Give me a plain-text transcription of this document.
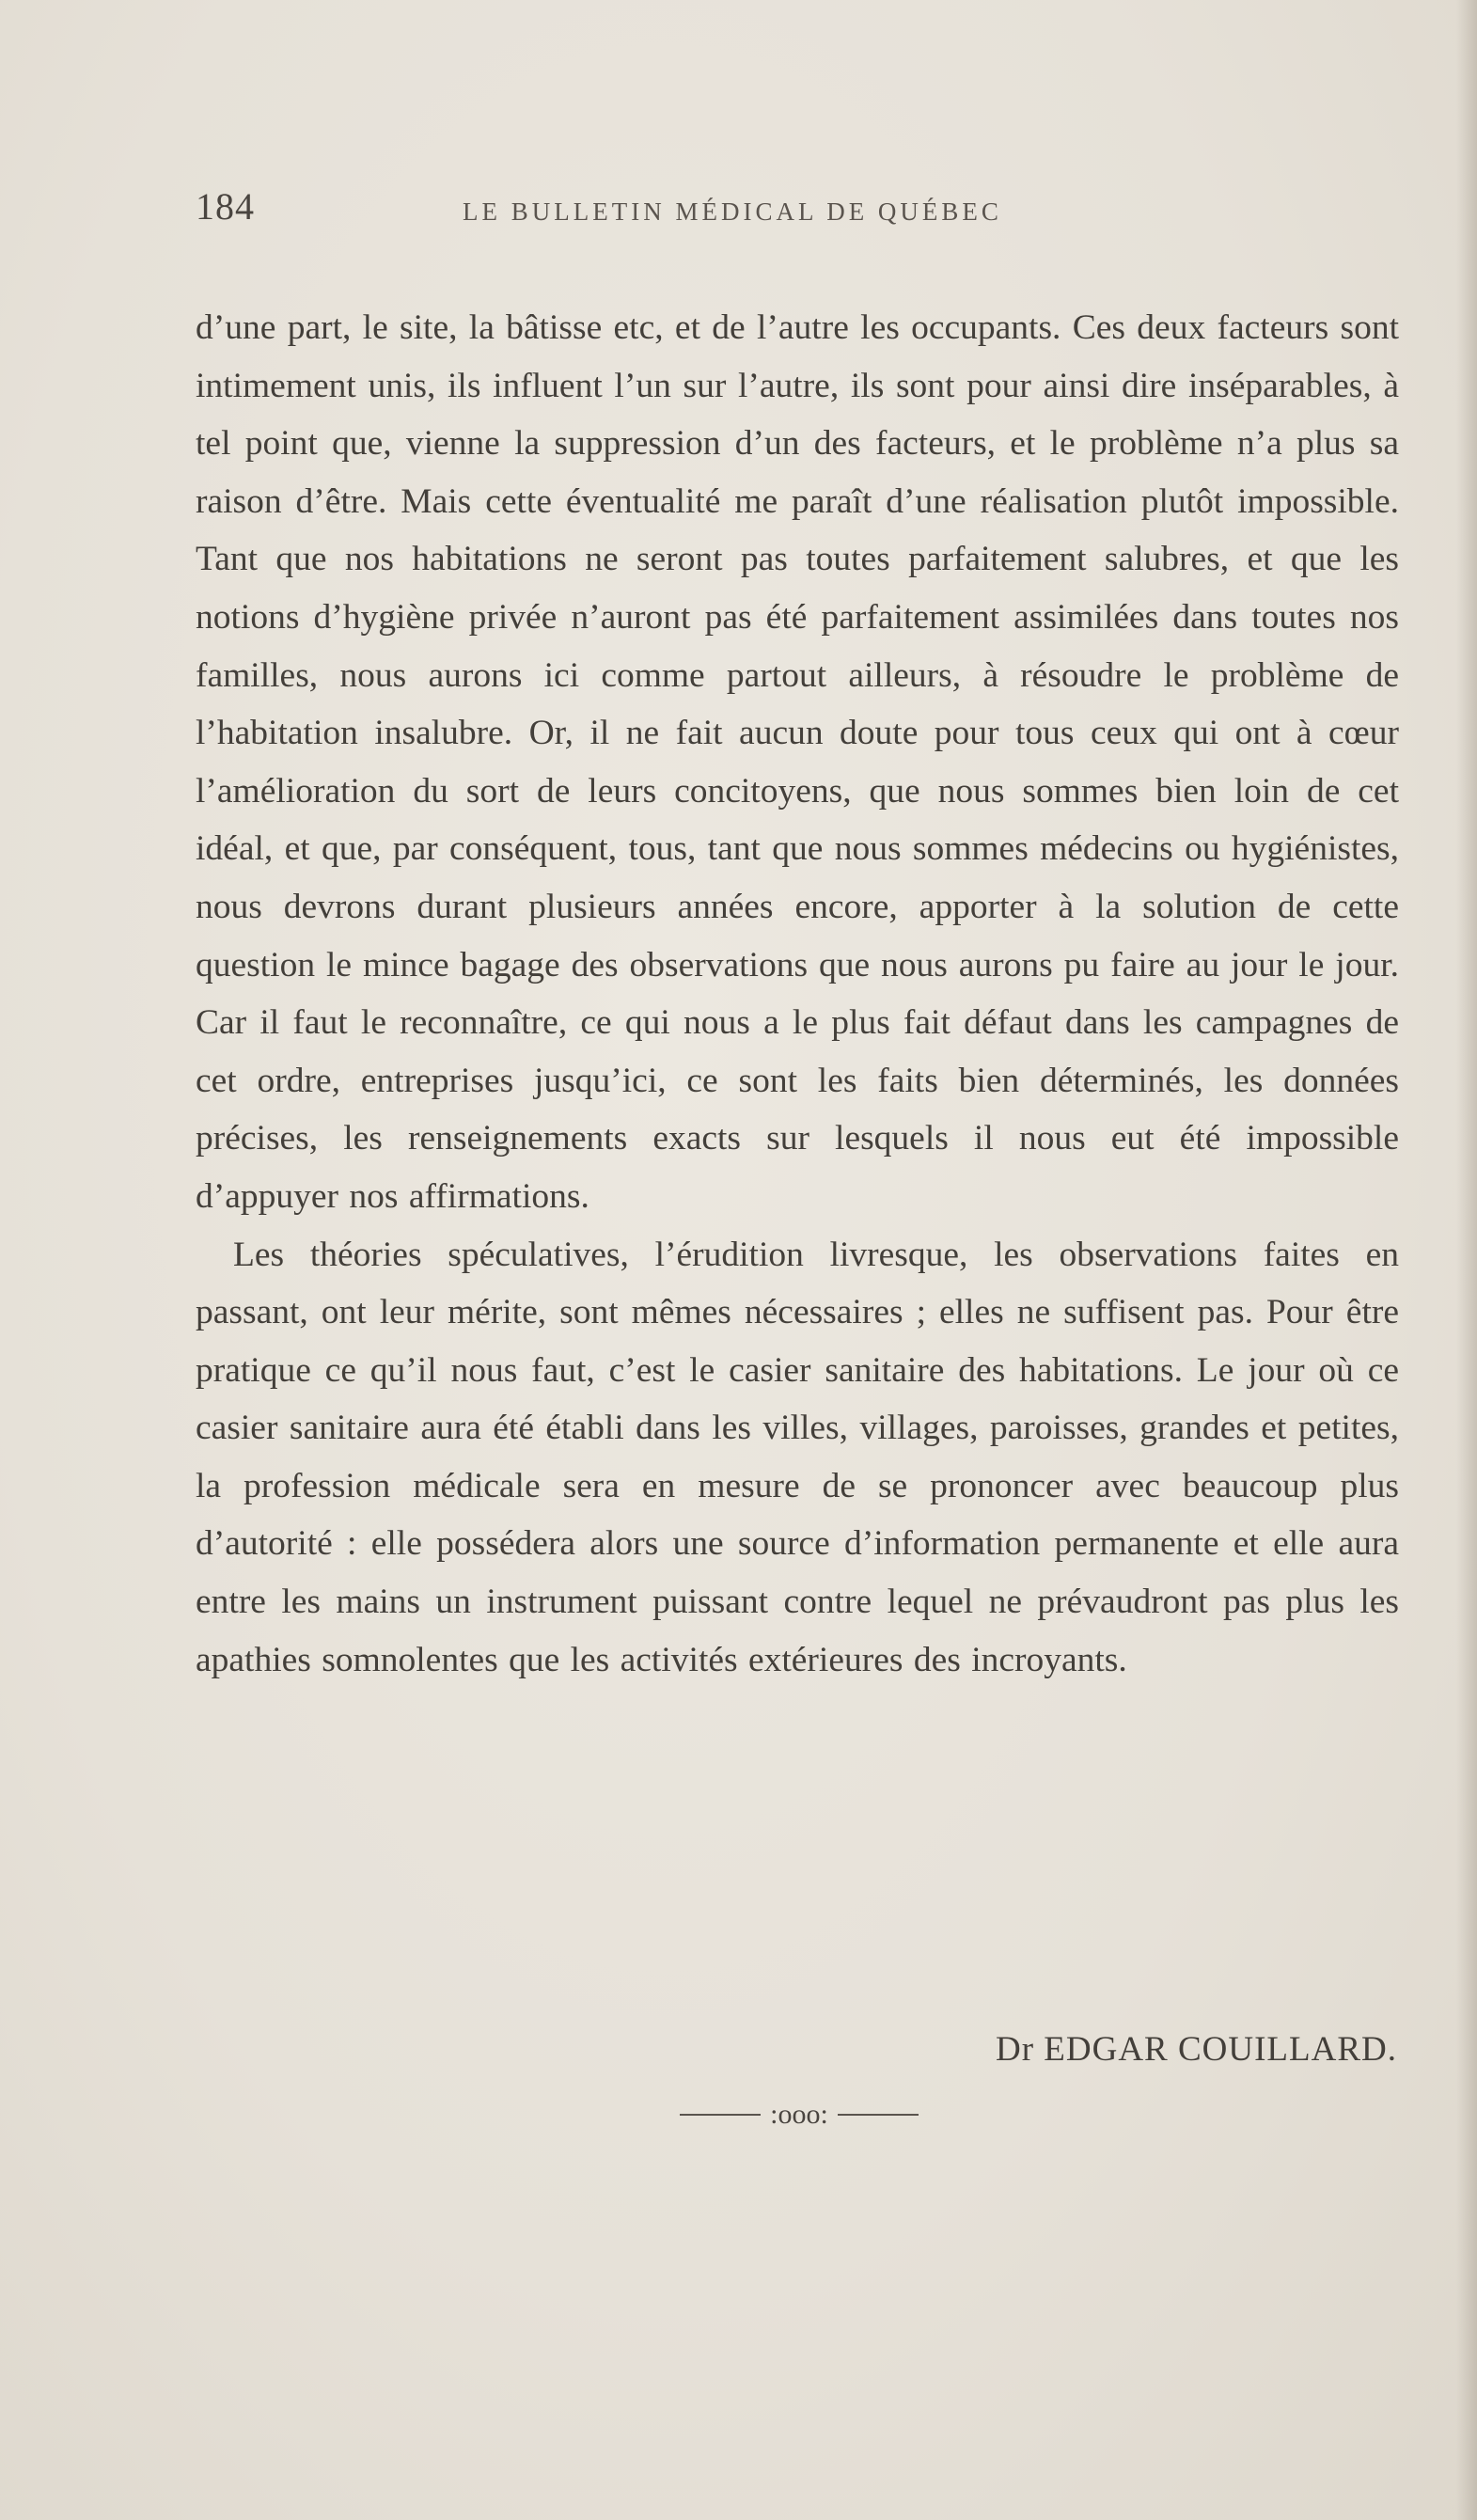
184	LE BULLETIN MÉDICAL DE QUÉBEC

d’une part, le site, la bâtisse etc, et de l’autre les occupants. Ces deux facteurs sont intimement unis, ils influent l’un sur l’autre, ils sont pour ainsi dire inséparables, à tel point que, vienne la suppression d’un des facteurs, et le problème n’a plus sa raison d’être. Mais cette éventualité me paraît d’une réalisation plutôt impossible. Tant que nos habitations ne seront pas toutes parfaitement salubres, et que les notions d’hygiène privée n’auront pas été parfaitement assimilées dans toutes nos familles, nous aurons ici comme partout ailleurs, à résoudre le problème de l’habitation insalubre. Or, il ne fait aucun doute pour tous ceux qui ont à cœur l’amélioration du sort de leurs concitoyens, que nous sommes bien loin de cet idéal, et que, par conséquent, tous, tant que nous sommes médecins ou hygiénistes, nous devrons durant plusieurs années encore, apporter à la solution de cette question le mince bagage des observations que nous aurons pu faire au jour le jour. Car il faut le reconnaître, ce qui nous a le plus fait défaut dans les campagnes de cet ordre, entreprises jusqu’ici, ce sont les faits bien déterminés, les données précises, les renseignements exacts sur lesquels il nous eut été impossible d’appuyer nos affirmations.

Les théories spéculatives, l’érudition livresque, les observations faites en passant, ont leur mérite, sont mêmes nécessaires ; elles ne suffisent pas. Pour être pratique ce qu’il nous faut, c’est le casier sanitaire des habitations. Le jour où ce casier sanitaire aura été établi dans les villes, villages, paroisses, grandes et petites, la profession médicale sera en mesure de se prononcer avec beaucoup plus d’autorité : elle possédera alors une source d’information permanente et elle aura entre les mains un instrument puissant contre lequel ne prévaudront pas plus les apathies somnolentes que les activités extérieures des incroyants.

Dr EDGAR COUILLARD.
:ooo:
